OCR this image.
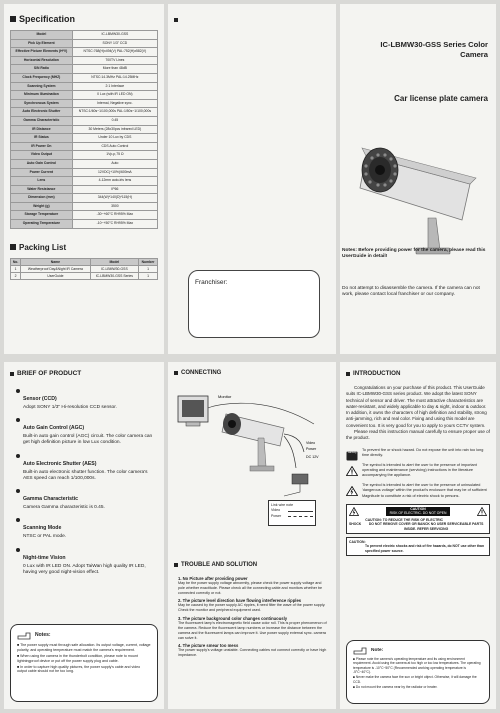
Specification
Model	IC-LBMW30-GSS
Pick Up Element	SONY 1/3" CCD
Effective Picture Elements (H*V)	NTSC:768(H)x494(V) PAL:752(H)x582(V)
Horizontal Resolution	700TV Lines
S/N Ratio	More than 48dB
Clock Frequency (MHZ)	NTSC:14.3MHz PAL:14.25MHz
Scanning System	2:1 Interlace
Minimum Illumination	0 Lux (with IR LED ON)
Synchronous System	Internal, Negative sync.
Auto Electronic Shutter	NTSC:1/60s~1/100,000s PAL:1/50s~1/100,000s
Gamma Characteristic	0.45
IR Distance	30 Meters (28x30pcs infrared LED)
IR Status	Under 10 Lux by CDS
IR Power On	CDS Auto Control
Video Output	1Vp-p,75 Ω
Auto Gain Control	Auto
Power Current	12VDC(+10%)/600mA
Lens	4-12mm auto-iris lens
Water Resistance	IP66
Dimension (mm)	344(W)*140(D)*115(H)
Weight (g)	3500
Storage Temperature	-30~+60°C RH95% Max
Operating Temperature	-10~+50°C RH95% Max
Packing List
No.	Name	Model	Number
1	Weatherproof Day&Night IR Camera	IC-LBMW30-GSS	1
2	UserGuide	IC-LBMW30-GSS Series	1
Franchiser:
IC-LBMW30-GSS Series Color
Camera
Car license plate camera
Notes: Before providing power for the camera, please read this UserGuide in detail!
Do not attempt to disassemble the camera. If the camera can not work, please contact local franchiser or our company.
BRIEF OF PRODUCT
Sensor (CCD)

Adopt SONY 1/3" Hi-resolution CCD sensor.

Auto Gain Control (AGC)

Built-in auto gain control (AGC) circuit. The color camera can get high definition picture in low Lux condition.

Auto Electronic Shutter (AES)

Built-in auto electronic shutter function. The color camera's AES speed can reach 1/100,000s.

Gamma Characteristic

Camera Gamma characteristic is 0.45.

Scanning Mode

NTSC or PAL mode.

Night-time Vision

0 Lux with IR LED ON. Adopt TaiWan high quality IR LED, having very good night-vision effect.

Notes:
■ The power supply must through safe allocation. Its output voltage, current, voltage polarity, and operating temperature must match the camera's requirement.
■ When using the camera in the thunderbolt condition, please note to mount lightningproof device or put off the power supply plug and cable.
■ In order to capture high quality pictures, the power supply's cable and video output cable should not be too long.
CONNECTING
Monitor
Video
Power
DC 12V
Link wire note
Video
Power
TROUBLE AND SOLUTION
1. No Picture after providing power
May be the power supply voltage abnormity, please check the power supply voltage and pole whether exactitude. Please check all the connecting cable and monitors whether be connected correctly or not.
2. The picture level direction have flowing interference ripples
May be caused by the power supply AC ripples, it need filter the wave of the power supply. Check the monitor and peripheral equipment used.
3. The picture background color changes continuously
The fluorescent lamp's electromagnetic field cause color roll. This is proper phenomenon of the camera. Reduce the fluorescent lamp numbers or increase the distance between the camera and the fluorescent lamps can improve it. Use power supply external sync. camera can solve it.
4. The picture smear too mess
The power supply's voltage unstable. Connecting cables not connect correctly or have high impedance.
INTRODUCTION
Congratulations on your purchase of this product. This UserGuide suits IC-LBMW30-GSS series product. We adopt the latest SONY technical of sensor and driver. The most attractive characteristics are water-resistant, and widely applicable to day & night, indoor & outdoor. In addition, it owns the characters of high definition and stability, strong anti-jamming, rich and real color. Fixing and using this model are convenient too. It is very good for you to apply to yours CCTV system.
Please read this instruction manual carefully to ensure proper use of the product.
Warning
To prevent fire or shock hazard. Do not expose the unit into rain too long time directly.
The symbol is intended to alert the user to the presence of important operating and maintenance (servicing) instructions in the literature accompanying the appliance.
The symbol is intended to alert the user to the presence of uninsulated 'dangerous voltage' within the product's enclosure that may be of sufficient Magnitude to constitute a risk of electric shock to persons.
CAUTION
RISK OF ELECTRIC. DO NOT OPEN
SHOCK
CAUTION: TO REDUCE THE RISK OF ELECTRIC
DO NOT REMOVE COVER OR BANCK NO USER SERVICEABLE PARTS INSIDE. REFER SERVICING
CAUTION:
To prevent electric shocks and risk of fire hazards, do NOT use other than specified power source.
Note:
■ Please note the camera's operating temperature and its using environment requirement. Avoid using the camera at too high or too low temperatures. The operating temperature is -10°C~50°C (Recommended working operating temperature is -5°C~40°C).
■ Never make the camera face the sun or bright object. Otherwise, it will damage the CCD.
■ Do not mount the camera near by the radiator or heater.
